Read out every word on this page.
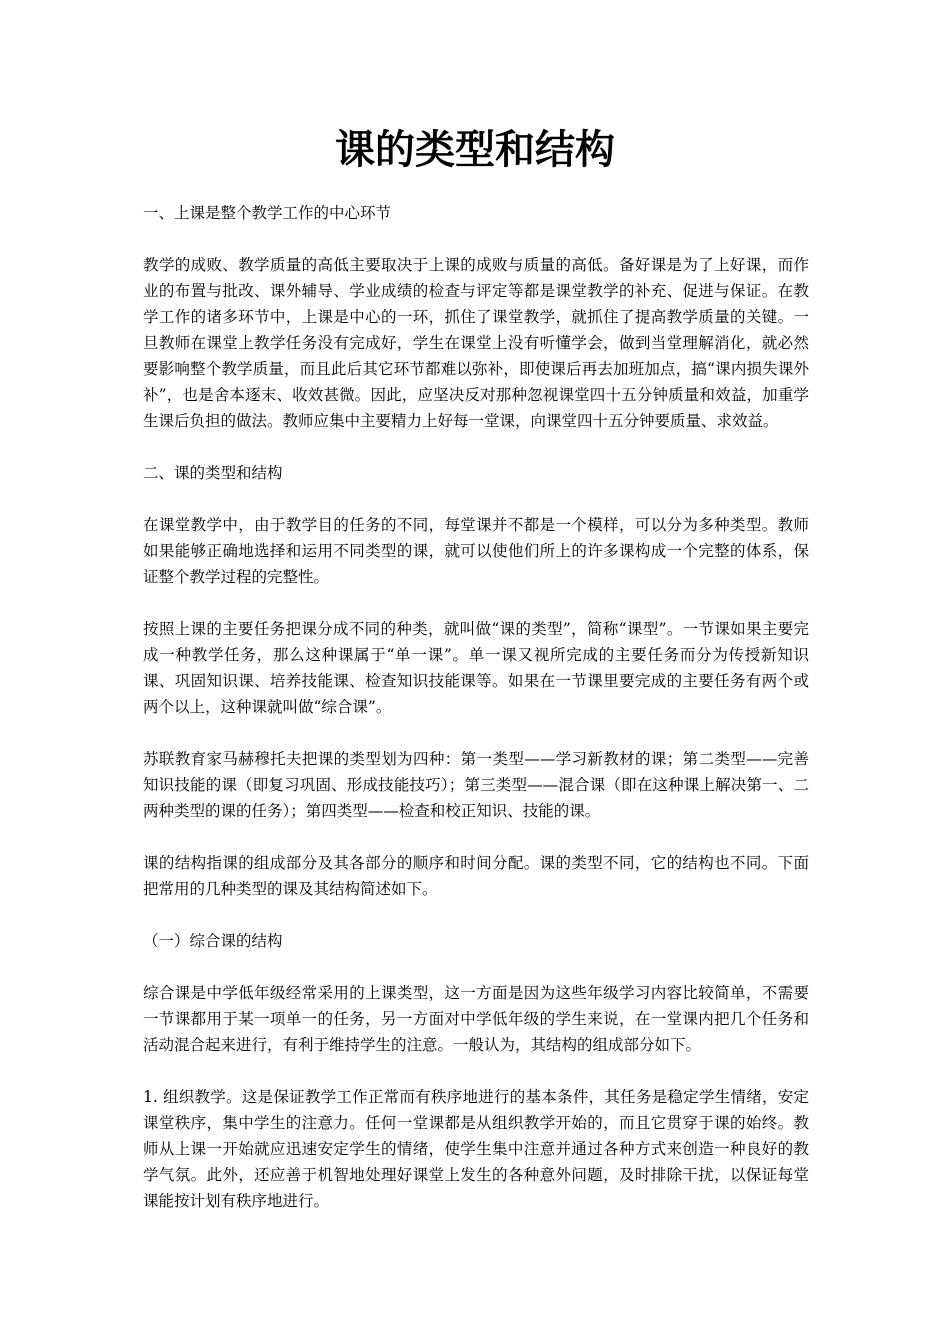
课的类型和结构

一、上课是整个教学工作的中心环节

教学的成败、教学质量的高低主要取决于上课的成败与质量的高低。备好课是为了上好课，而作业的布置与批改、课外辅导、学业成绩的检查与评定等都是课堂教学的补充、促进与保证。在教学工作的诸多环节中，上课是中心的一环，抓住了课堂教学，就抓住了提高教学质量的关键。一旦教师在课堂上教学任务没有完成好，学生在课堂上没有听懂学会，做到当堂理解消化，就必然要影响整个教学质量，而且此后其它环节都难以弥补，即使课后再去加班加点，搞“课内损失课外补”，也是舍本逐末、收效甚微。因此，应坚决反对那种忽视课堂四十五分钟质量和效益，加重学生课后负担的做法。教师应集中主要精力上好每一堂课，向课堂四十五分钟要质量、求效益。

二、课的类型和结构

在课堂教学中，由于教学目的任务的不同，每堂课并不都是一个模样，可以分为多种类型。教师如果能够正确地选择和运用不同类型的课，就可以使他们所上的许多课构成一个完整的体系，保证整个教学过程的完整性。

按照上课的主要任务把课分成不同的种类，就叫做“课的类型”，简称“课型”。一节课如果主要完成一种教学任务，那么这种课属于“单一课”。单一课又视所完成的主要任务而分为传授新知识课、巩固知识课、培养技能课、检查知识技能课等。如果在一节课里要完成的主要任务有两个或两个以上，这种课就叫做“综合课”。

苏联教育家马赫穆托夫把课的类型划为四种：第一类型——学习新教材的课；第二类型——完善知识技能的课（即复习巩固、形成技能技巧）；第三类型——混合课（即在这种课上解决第一、二两种类型的课的任务）；第四类型——检查和校正知识、技能的课。

课的结构指课的组成部分及其各部分的顺序和时间分配。课的类型不同，它的结构也不同。下面把常用的几种类型的课及其结构简述如下。

（一）综合课的结构

综合课是中学低年级经常采用的上课类型，这一方面是因为这些年级学习内容比较简单，不需要一节课都用于某一项单一的任务，另一方面对中学低年级的学生来说，在一堂课内把几个任务和活动混合起来进行，有利于维持学生的注意。一般认为，其结构的组成部分如下。

1. 组织教学。这是保证教学工作正常而有秩序地进行的基本条件，其任务是稳定学生情绪，安定课堂秩序，集中学生的注意力。任何一堂课都是从组织教学开始的，而且它贯穿于课的始终。教师从上课一开始就应迅速安定学生的情绪，使学生集中注意并通过各种方式来创造一种良好的教学气氛。此外，还应善于机智地处理好课堂上发生的各种意外问题，及时排除干扰，以保证每堂课能按计划有秩序地进行。
